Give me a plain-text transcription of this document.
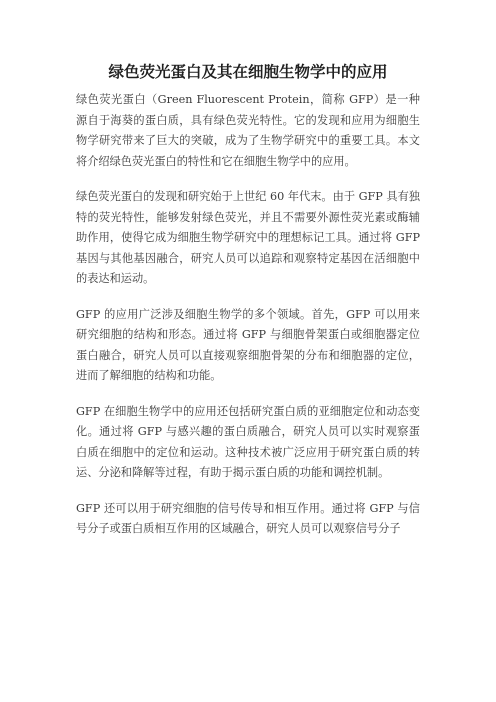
绿色荧光蛋白及其在细胞生物学中的应用

绿色荧光蛋白（Green Fluorescent Protein，简称 GFP）是一种源自于海葵的蛋白质，具有绿色荧光特性。它的发现和应用为细胞生物学研究带来了巨大的突破，成为了生物学研究中的重要工具。本文将介绍绿色荧光蛋白的特性和它在细胞生物学中的应用。

绿色荧光蛋白的发现和研究始于上世纪 60 年代末。由于 GFP 具有独特的荧光特性，能够发射绿色荧光，并且不需要外源性荧光素或酶辅助作用，使得它成为细胞生物学研究中的理想标记工具。通过将 GFP 基因与其他基因融合，研究人员可以追踪和观察特定基因在活细胞中的表达和运动。

GFP 的应用广泛涉及细胞生物学的多个领域。首先，GFP 可以用来研究细胞的结构和形态。通过将 GFP 与细胞骨架蛋白或细胞器定位蛋白融合，研究人员可以直接观察细胞骨架的分布和细胞器的定位，进而了解细胞的结构和功能。

GFP 在细胞生物学中的应用还包括研究蛋白质的亚细胞定位和动态变化。通过将 GFP 与感兴趣的蛋白质融合，研究人员可以实时观察蛋白质在细胞中的定位和运动。这种技术被广泛应用于研究蛋白质的转运、分泌和降解等过程，有助于揭示蛋白质的功能和调控机制。

GFP 还可以用于研究细胞的信号传导和相互作用。通过将 GFP 与信号分子或蛋白质相互作用的区域融合，研究人员可以观察信号分子
